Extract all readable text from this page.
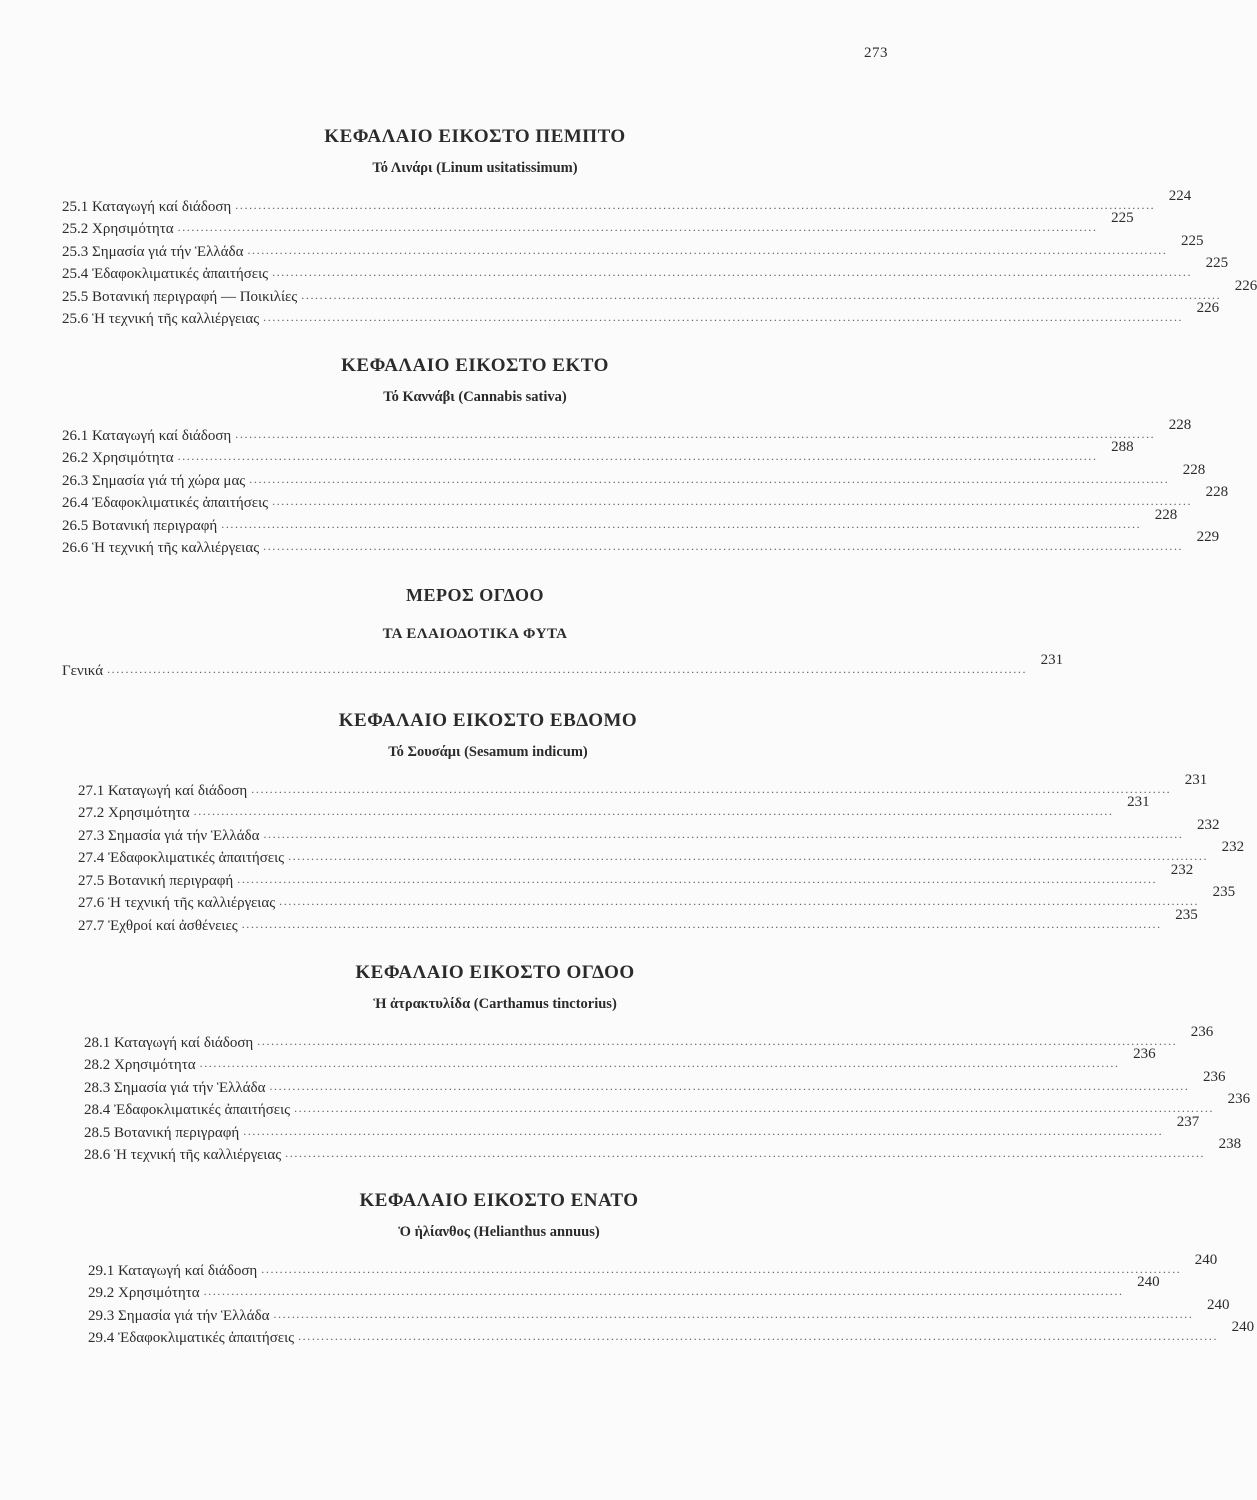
273
ΚΕΦΑΛΑΙΟ ΕΙΚΟΣΤΟ ΠΕΜΠΤΟ
Τό Λινάρι (Linum usitatissimum)
25.1 Καταγωγή καί διάδοση ........................................................................................................................................................................................................
224
25.2 Χρησιμότητα ........................................................................................................................................................................................................
225
25.3 Σημασία γιά τήν Ἑλλάδα ........................................................................................................................................................................................................
225
25.4 Ἐδαφοκλιματικές ἀπαιτήσεις ........................................................................................................................................................................................................
225
25.5 Βοτανική περιγραφή — Ποικιλίες ........................................................................................................................................................................................................
226
25.6 Ἡ τεχνική τῆς καλλιέργειας ........................................................................................................................................................................................................
226
ΚΕΦΑΛΑΙΟ ΕΙΚΟΣΤΟ ΕΚΤΟ
Τό Καννάβι (Cannabis sativa)
26.1 Καταγωγή καί διάδοση ........................................................................................................................................................................................................
228
26.2 Χρησιμότητα ........................................................................................................................................................................................................
288
26.3 Σημασία γιά τή χώρα μας ........................................................................................................................................................................................................
228
26.4 Ἐδαφοκλιματικές ἀπαιτήσεις ........................................................................................................................................................................................................
228
26.5 Βοτανική περιγραφή ........................................................................................................................................................................................................
228
26.6 Ἡ τεχνική τῆς καλλιέργειας ........................................................................................................................................................................................................
229
ΜΕΡΟΣ ΟΓΔΟΟ
ΤΑ ΕΛΑΙΟΔΟΤΙΚΑ ΦΥΤΑ
Γενικά ........................................................................................................................................................................................................
231
ΚΕΦΑΛΑΙΟ ΕΙΚΟΣΤΟ ΕΒΔΟΜΟ
Τό Σουσάμι (Sesamum indicum)
27.1 Καταγωγή καί διάδοση ........................................................................................................................................................................................................
231
27.2 Χρησιμότητα ........................................................................................................................................................................................................
231
27.3 Σημασία γιά τήν Ἑλλάδα ........................................................................................................................................................................................................
232
27.4 Ἐδαφοκλιματικές ἀπαιτήσεις ........................................................................................................................................................................................................
232
27.5 Βοτανική περιγραφή ........................................................................................................................................................................................................
232
27.6 Ἡ τεχνική τῆς καλλιέργειας ........................................................................................................................................................................................................
235
27.7 Ἐχθροί καί ἀσθένειες ........................................................................................................................................................................................................
235
ΚΕΦΑΛΑΙΟ ΕΙΚΟΣΤΟ ΟΓΔΟΟ
Ἡ ἀτρακτυλίδα (Carthamus tinctorius)
28.1 Καταγωγή καί διάδοση ........................................................................................................................................................................................................
236
28.2 Χρησιμότητα ........................................................................................................................................................................................................
236
28.3 Σημασία γιά τήν Ἑλλάδα ........................................................................................................................................................................................................
236
28.4 Ἐδαφοκλιματικές ἀπαιτήσεις ........................................................................................................................................................................................................
236
28.5 Βοτανική περιγραφή ........................................................................................................................................................................................................
237
28.6 Ἡ τεχνική τῆς καλλιέργειας ........................................................................................................................................................................................................
238
ΚΕΦΑΛΑΙΟ ΕΙΚΟΣΤΟ ΕΝΑΤΟ
Ὁ ἡλίανθος (Helianthus annuus)
29.1 Καταγωγή καί διάδοση ........................................................................................................................................................................................................
240
29.2 Χρησιμότητα ........................................................................................................................................................................................................
240
29.3 Σημασία γιά τήν Ἑλλάδα ........................................................................................................................................................................................................
240
29.4 Ἐδαφοκλιματικές ἀπαιτήσεις ........................................................................................................................................................................................................
240
